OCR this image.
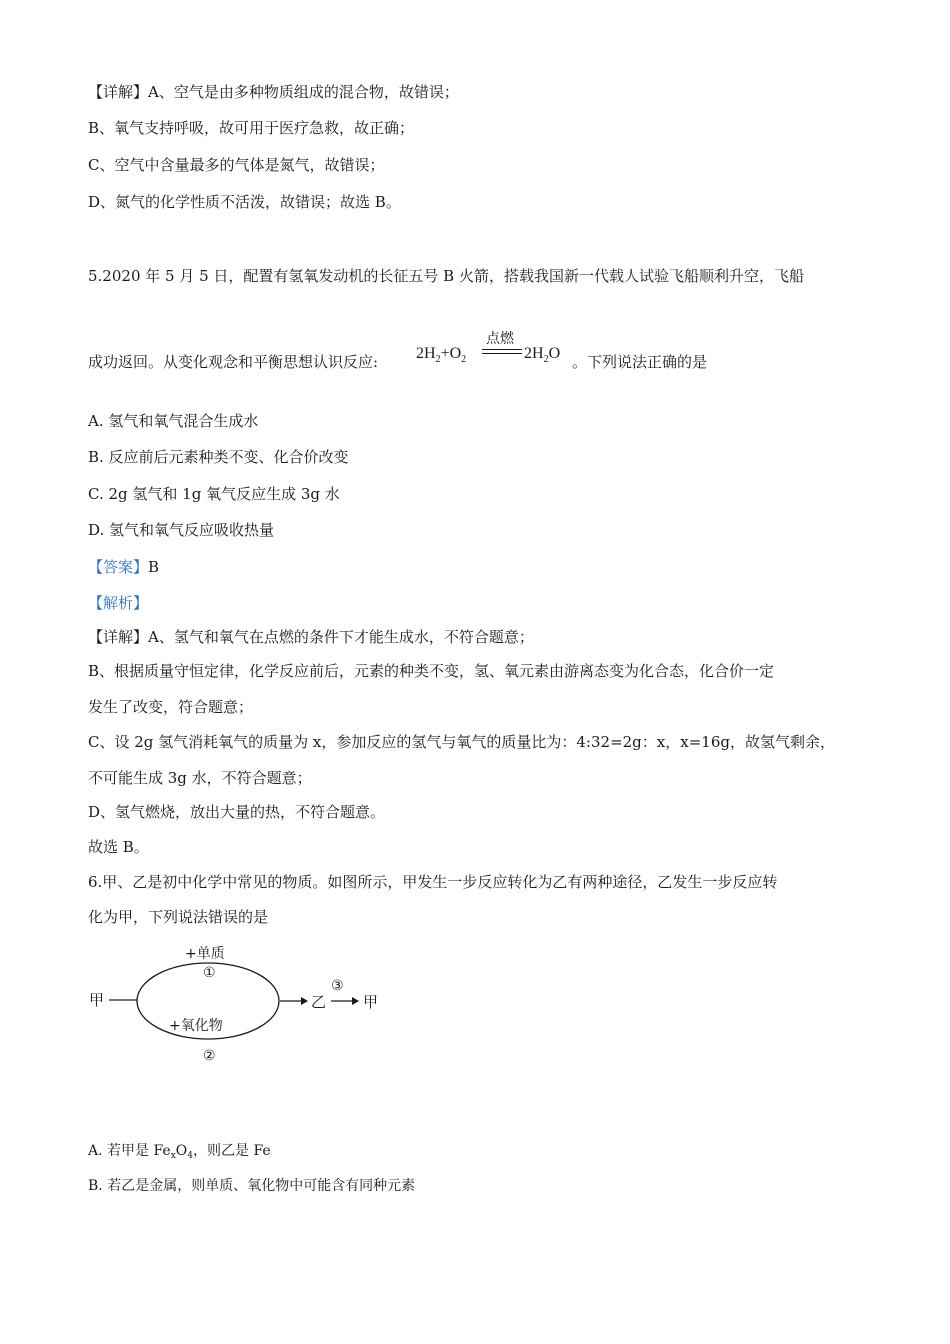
【详解】A、空气是由多种物质组成的混合物，故错误；
B、氧气支持呼吸，故可用于医疗急救，故正确；
C、空气中含量最多的气体是氮气，故错误；
D、氮气的化学性质不活泼，故错误；故选 B。
5.2020 年 5 月 5 日，配置有氢氧发动机的长征五号 B 火箭，搭载我国新一代载人试验飞船顺利升空，飞船
成功返回。从变化观念和平衡思想认识反应: $2H_2+O_2$
点燃
$2H_2O$ 。下列说法正确的是
A. 氢气和氧气混合生成水
B. 反应前后元素种类不变、化合价改变
C. 2g 氢气和 1g 氧气反应生成 3g 水
D. 氢气和氧气反应吸收热量
【答案】B
【解析】
【详解】A、氢气和氧气在点燃的条件下才能生成水，不符合题意；
B、根据质量守恒定律，化学反应前后，元素的种类不变，氢、氧元素由游离态变为化合态，化合价一定
发生了改变，符合题意；
C、设 2g 氢气消耗氧气的质量为 x，参加反应的氢气与氧气的质量比为：4:32=2g：x，x=16g，故氢气剩余，
不可能生成 3g 水，不符合题意；
D、氢气燃烧，放出大量的热，不符合题意。
故选 B。
6.甲、乙是初中化学中常见的物质。如图所示，甲发生一步反应转化为乙有两种途径，乙发生一步反应转
化为甲，下列说法错误的是
甲
+单质
①
+氧化物
②
乙
③
甲
A. 若甲是 $Fe_xO_4$，则乙是 Fe
B. 若乙是金属，则单质、氧化物中可能含有同种元素
